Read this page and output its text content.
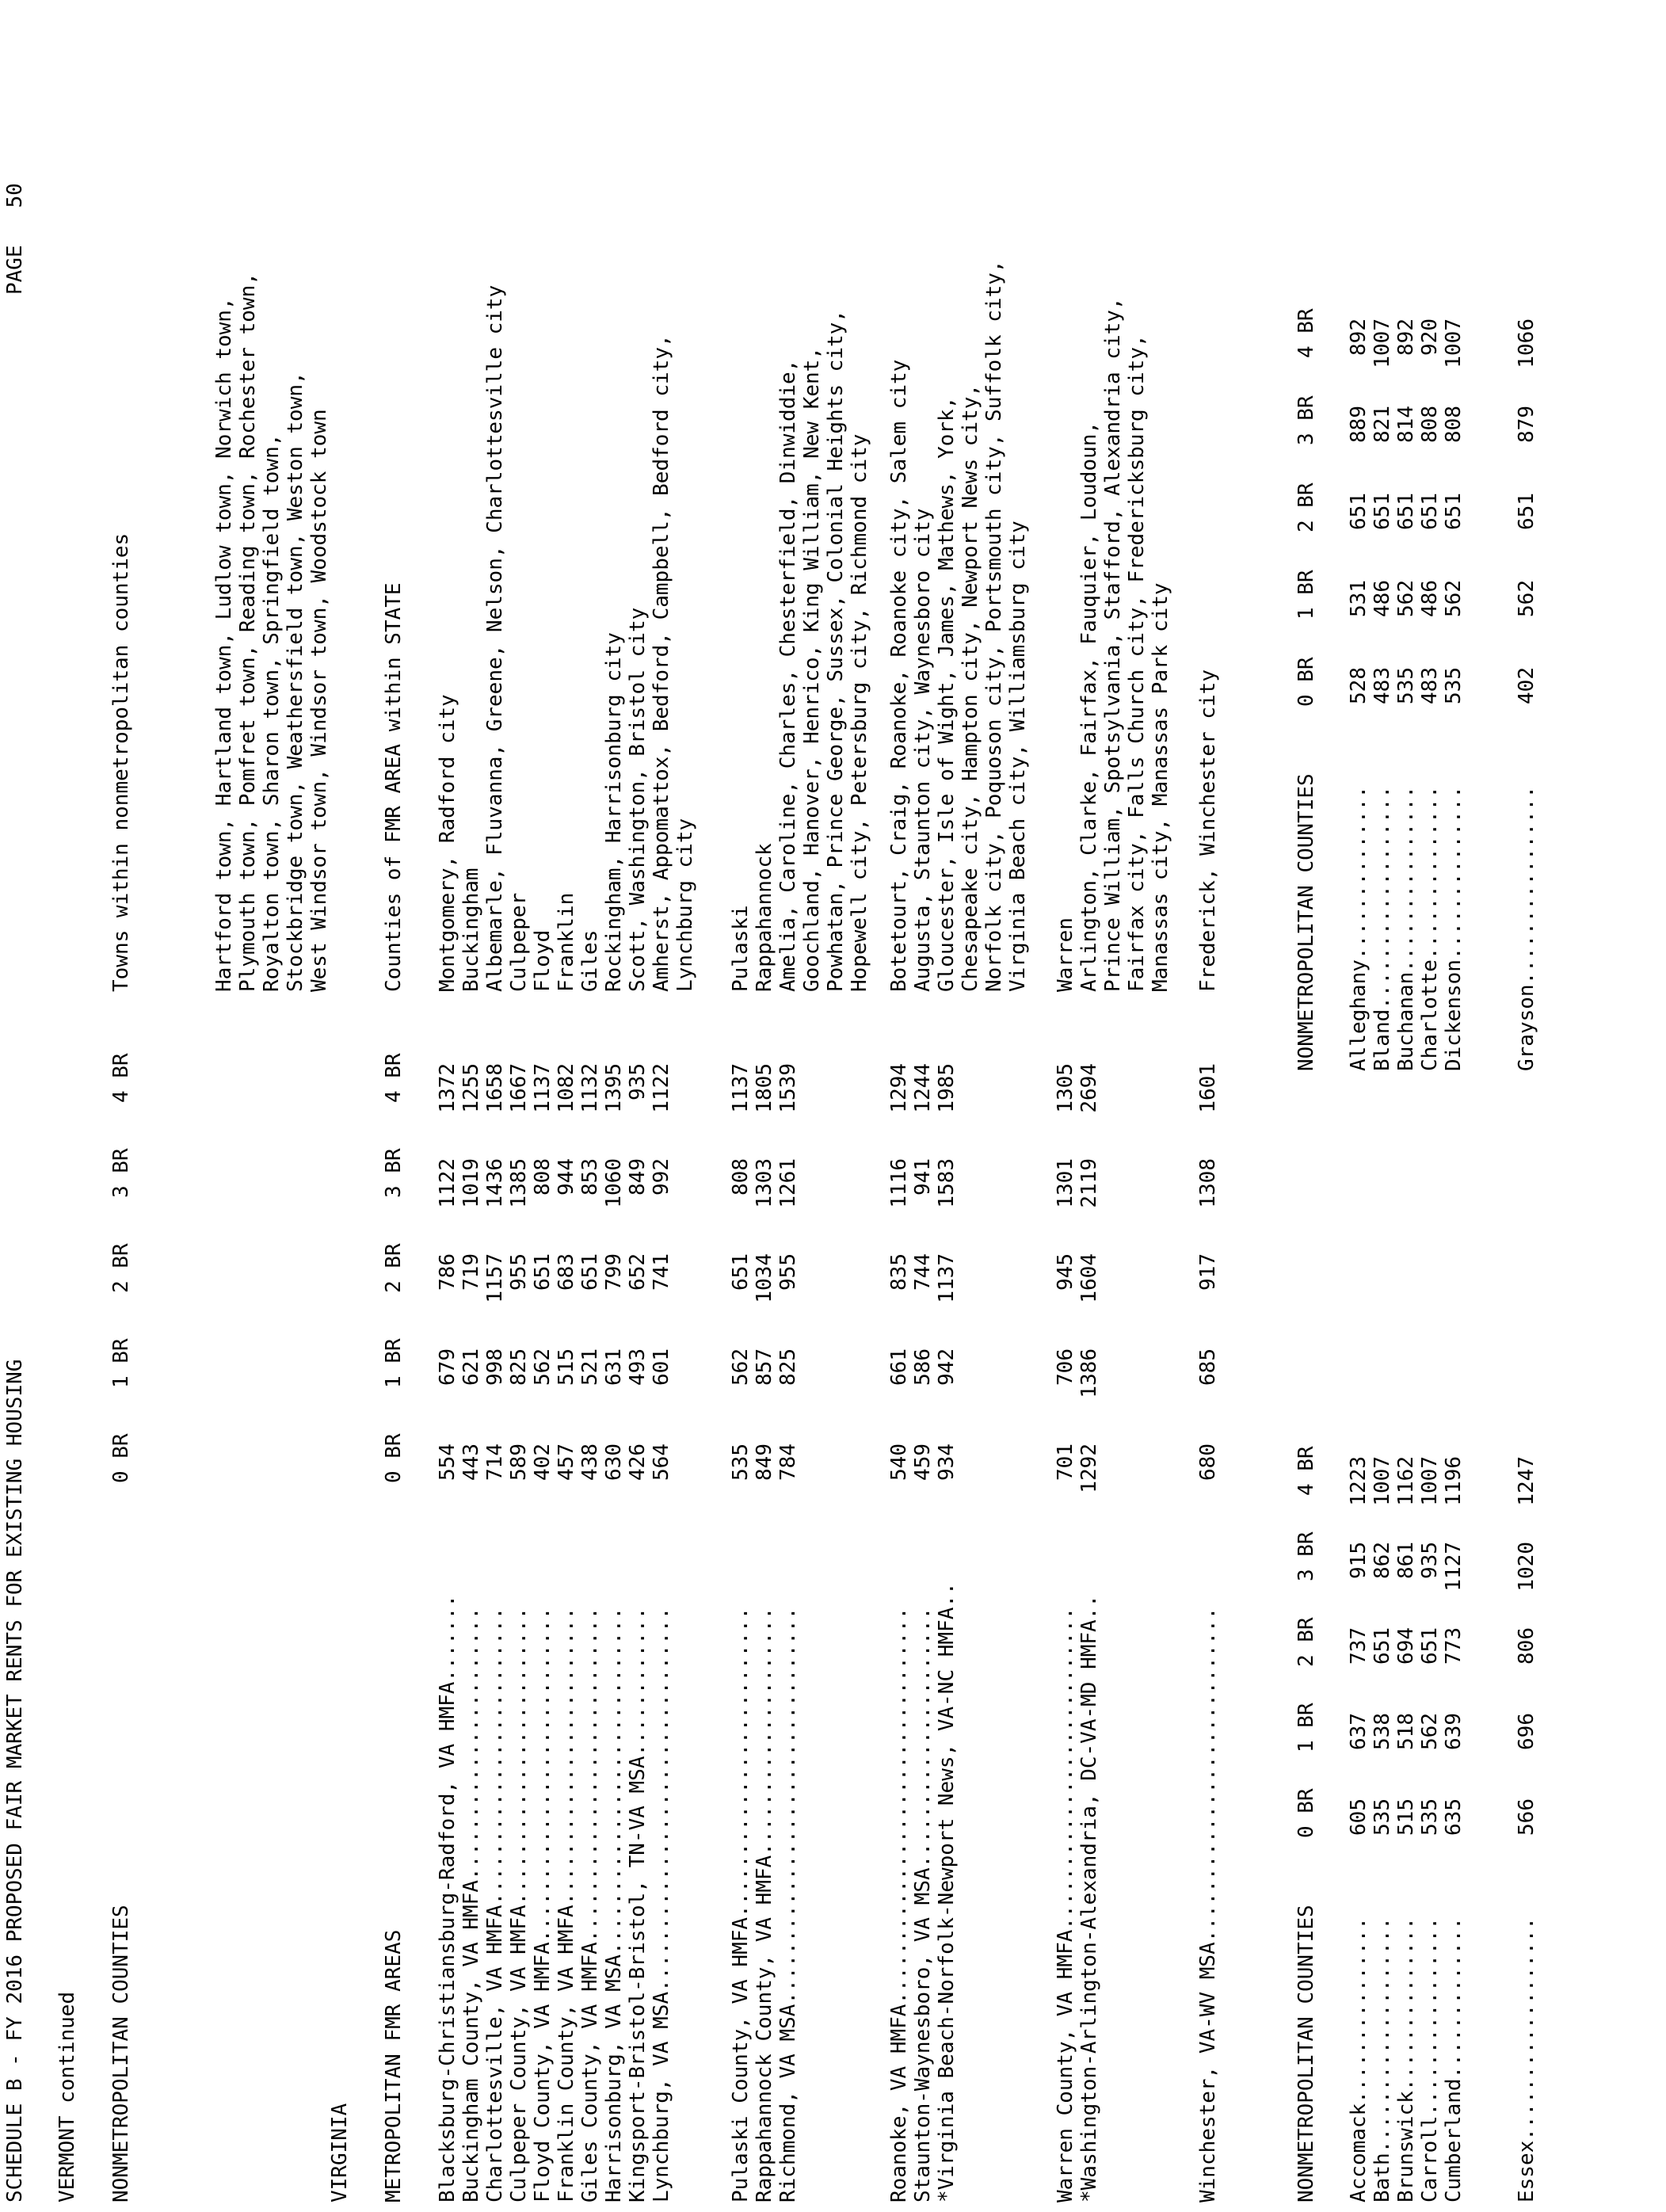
SCHEDULE B - FY 2016 PROPOSED FAIR MARKET RENTS FOR EXISTING HOUSING
PAGE   50
VERMONT continued NONMETROPOLITAN COUNTIES
0 BR
1 BR
2 BR
3 BR
4 BR
Towns within nonmetropolitan counties	Hartford town, Hartland town, Ludlow town, Norwich town, Plymouth town, Pomfret town, Reading town, Rochester town, Royalton town, Sharon town, Springfield town, Stockbridge town, Weathersfield town, Weston town, West Windsor town, Windsor town, Woodstock town
VIRGINIA METROPOLITAN FMR AREAS
0 BR
1 BR
2 BR
3 BR
4 BR
Counties of FMR AREA within STATE
Blacksburg-Christiansburg-Radford, VA HMFA.......
554
679
786
1122
1372
Montgomery, Radford city
Buckingham County, VA HMFA......................
443
621
719
1019
1255
Buckingham
Charlottesville, VA HMFA........................
714
998
1157
1436
1658
Albemarle, Fluvanna, Greene, Nelson, Charlottesville city
Culpeper County, VA HMFA........................
589
825
955
1385
1667
Culpeper
Floyd County, VA HMFA...........................
402
562
651
808
1137
Floyd
Franklin County, VA HMFA........................
457
515
683
944
1082
Franklin
Giles County, VA HMFA...........................
438
521
651
853
1132
Giles
Harrisonburg, VA MSA............................
630
631
799
1060
1395
Rockingham, Harrisonburg city
Kingsport-Bristol-Bristol, TN-VA MSA............
426
493
652
849
935
Scott, Washington, Bristol city
Lynchburg, VA MSA...............................
564
601
741
992
1122
Amherst, Appomattox, Bedford, Campbell, Bedford city, Lynchburg city
Pulaski County, VA HMFA.........................
535
562
651
808
1137
Pulaski
Rappahannock County, VA HMFA....................
849
857
1034
1303
1805
Rappahannock
Richmond, VA MSA................................
784
825
955
1261
1539
Amelia, Caroline, Charles, Chesterfield, Dinwiddie, Goochland, Hanover, Henrico, King William, New Kent, Powhatan, Prince George, Sussex, Colonial Heights city, Hopewell city, Petersburg city, Richmond city
Roanoke, VA HMFA................................
540
661
835
1116
1294
Botetourt, Craig, Roanoke, Roanoke city, Salem city
Staunton-Waynesboro, VA MSA.....................
459
586
744
941
1244
Augusta, Staunton city, Waynesboro city
*Virginia Beach-Norfolk-Newport News, VA-NC HMFA..
934
942
1137
1583
1985
Gloucester, Isle of Wight, James, Mathews, York, Chesapeake city, Hampton city, Newport News city, Norfolk city, Poquoson city, Portsmouth city, Suffolk city, Virginia Beach city, Williamsburg city
Warren County, VA HMFA..........................
701
706
945
1301
1305
Warren
*Washington-Arlington-Alexandria, DC-VA-MD HMFA..
1292
1386
1604
2119
2694
Arlington, Clarke, Fairfax, Fauquier, Loudoun, Prince William, Spotsylvania, Stafford, Alexandria city, Fairfax city, Falls Church city, Fredericksburg city, Manassas city, Manassas Park city
Winchester, VA-WV MSA...........................
680
685
917
1308
1601
Frederick, Winchester city
NONMETROPOLITAN COUNTIES
0 BR
1 BR
2 BR
3 BR
4 BR
NONMETROPOLITAN COUNTIES
0 BR
1 BR
2 BR
3 BR
4 BR
Accomack...............
605
637
737
915
1223
Bath...................
535
538
651
862
1007
Brunswick..............
515
518
694
861
1162
Carroll................
535
562
651
935
1007
Cumberland.............
635
639
773
1127
1196
Essex..................
566
696
806
1020
1247
Alleghany..............
528
531
651
889
892
Bland..................
483
486
651
821
1007
Buchanan...............
535
562
651
814
892
Charlotte..............
483
486
651
808
920
Dickenson..............
535
562
651
808
1007
Grayson................
402
562
651
879
1066
